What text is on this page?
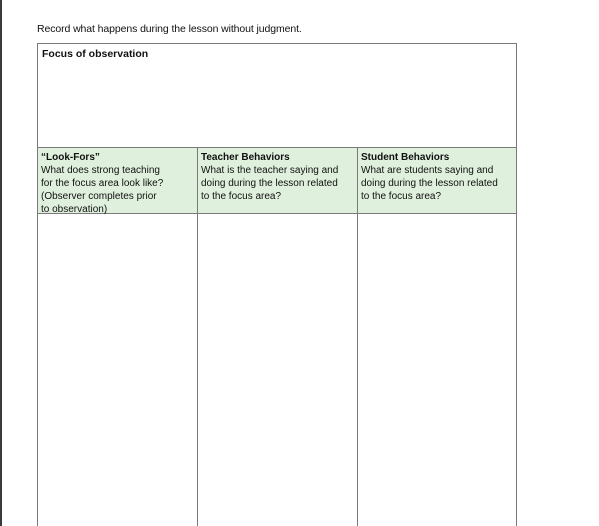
Record what happens during the lesson without judgment.
Focus of observation
“Look-Fors”
What does strong teaching
for the focus area look like?
(Observer completes prior
to observation)
Teacher Behaviors
What is the teacher saying and
doing during the lesson related
to the focus area?
Student Behaviors
What are students saying and
doing during the lesson related
to the focus area?
